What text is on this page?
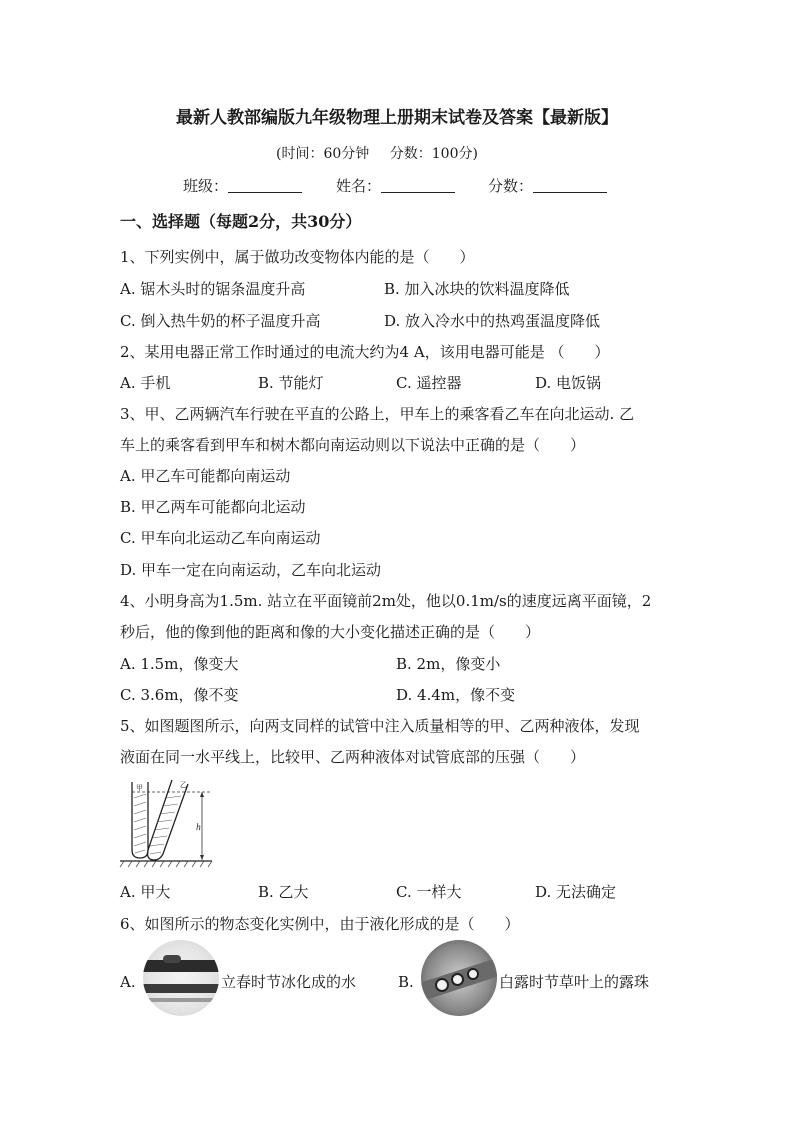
最新人教部编版九年级物理上册期末试卷及答案【最新版】
(时间：60分钟 分数：100分)
班级：	姓名：	分数：
一、选择题（每题2分，共30分）
1、下列实例中，属于做功改变物体内能的是（　　）
A. 锯木头时的锯条温度升高	B. 加入冰块的饮料温度降低
C. 倒入热牛奶的杯子温度升高	D. 放入冷水中的热鸡蛋温度降低
2、某用电器正常工作时通过的电流大约为4 A，该用电器可能是 （　　）
A. 手机	B. 节能灯	C. 遥控器	D. 电饭锅
3、甲、乙两辆汽车行驶在平直的公路上，甲车上的乘客看乙车在向北运动. 乙
车上的乘客看到甲车和树木都向南运动则以下说法中正确的是（　　）
A. 甲乙车可能都向南运动
B. 甲乙两车可能都向北运动
C. 甲车向北运动乙车向南运动
D. 甲车一定在向南运动，乙车向北运动
4、小明身高为1.5m. 站立在平面镜前2m处，他以0.1m/s的速度远离平面镜，2
秒后，他的像到他的距离和像的大小变化描述正确的是（　　）
A. 1.5m，像变大	B. 2m，像变小
C. 3.6m，像不变	D. 4.4m，像不变
5、如图题图所示，向两支同样的试管中注入质量相等的甲、乙两种液体，发现
液面在同一水平线上，比较甲、乙两种液体对试管底部的压强（　　）
甲	乙
h
A. 甲大	B. 乙大	C. 一样大	D. 无法确定
6、如图所示的物态变化实例中，由于液化形成的是（　　）
A.	立春时节冰化成的水	B.	白露时节草叶上的露珠
